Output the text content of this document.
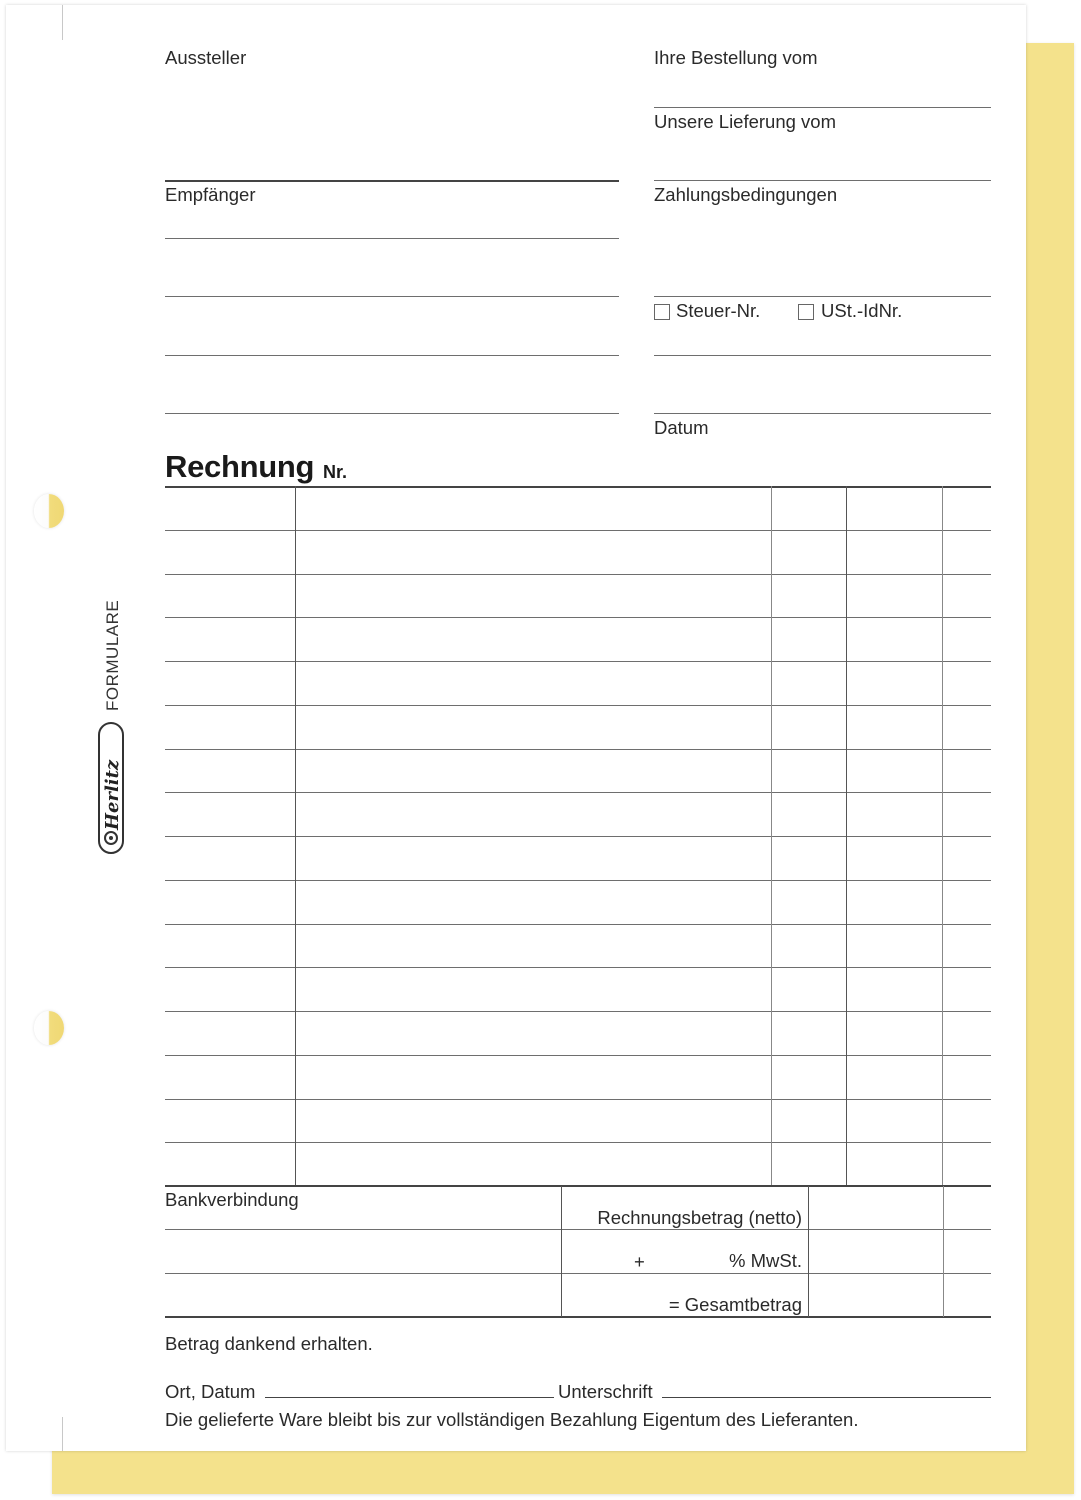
FORMULARE
Herlitz
Aussteller
Empfänger
Ihre Bestellung vom
Unsere Lieferung vom
Zahlungsbedingungen
Steuer-Nr.	USt.-IdNr.
Datum
Rechnung Nr.
Bankverbindung
Rechnungsbetrag (netto)
+	% MwSt.
= Gesamtbetrag
Betrag dankend erhalten.
Ort, Datum	Unterschrift
Die gelieferte Ware bleibt bis zur vollständigen Bezahlung Eigentum des Lieferanten.
